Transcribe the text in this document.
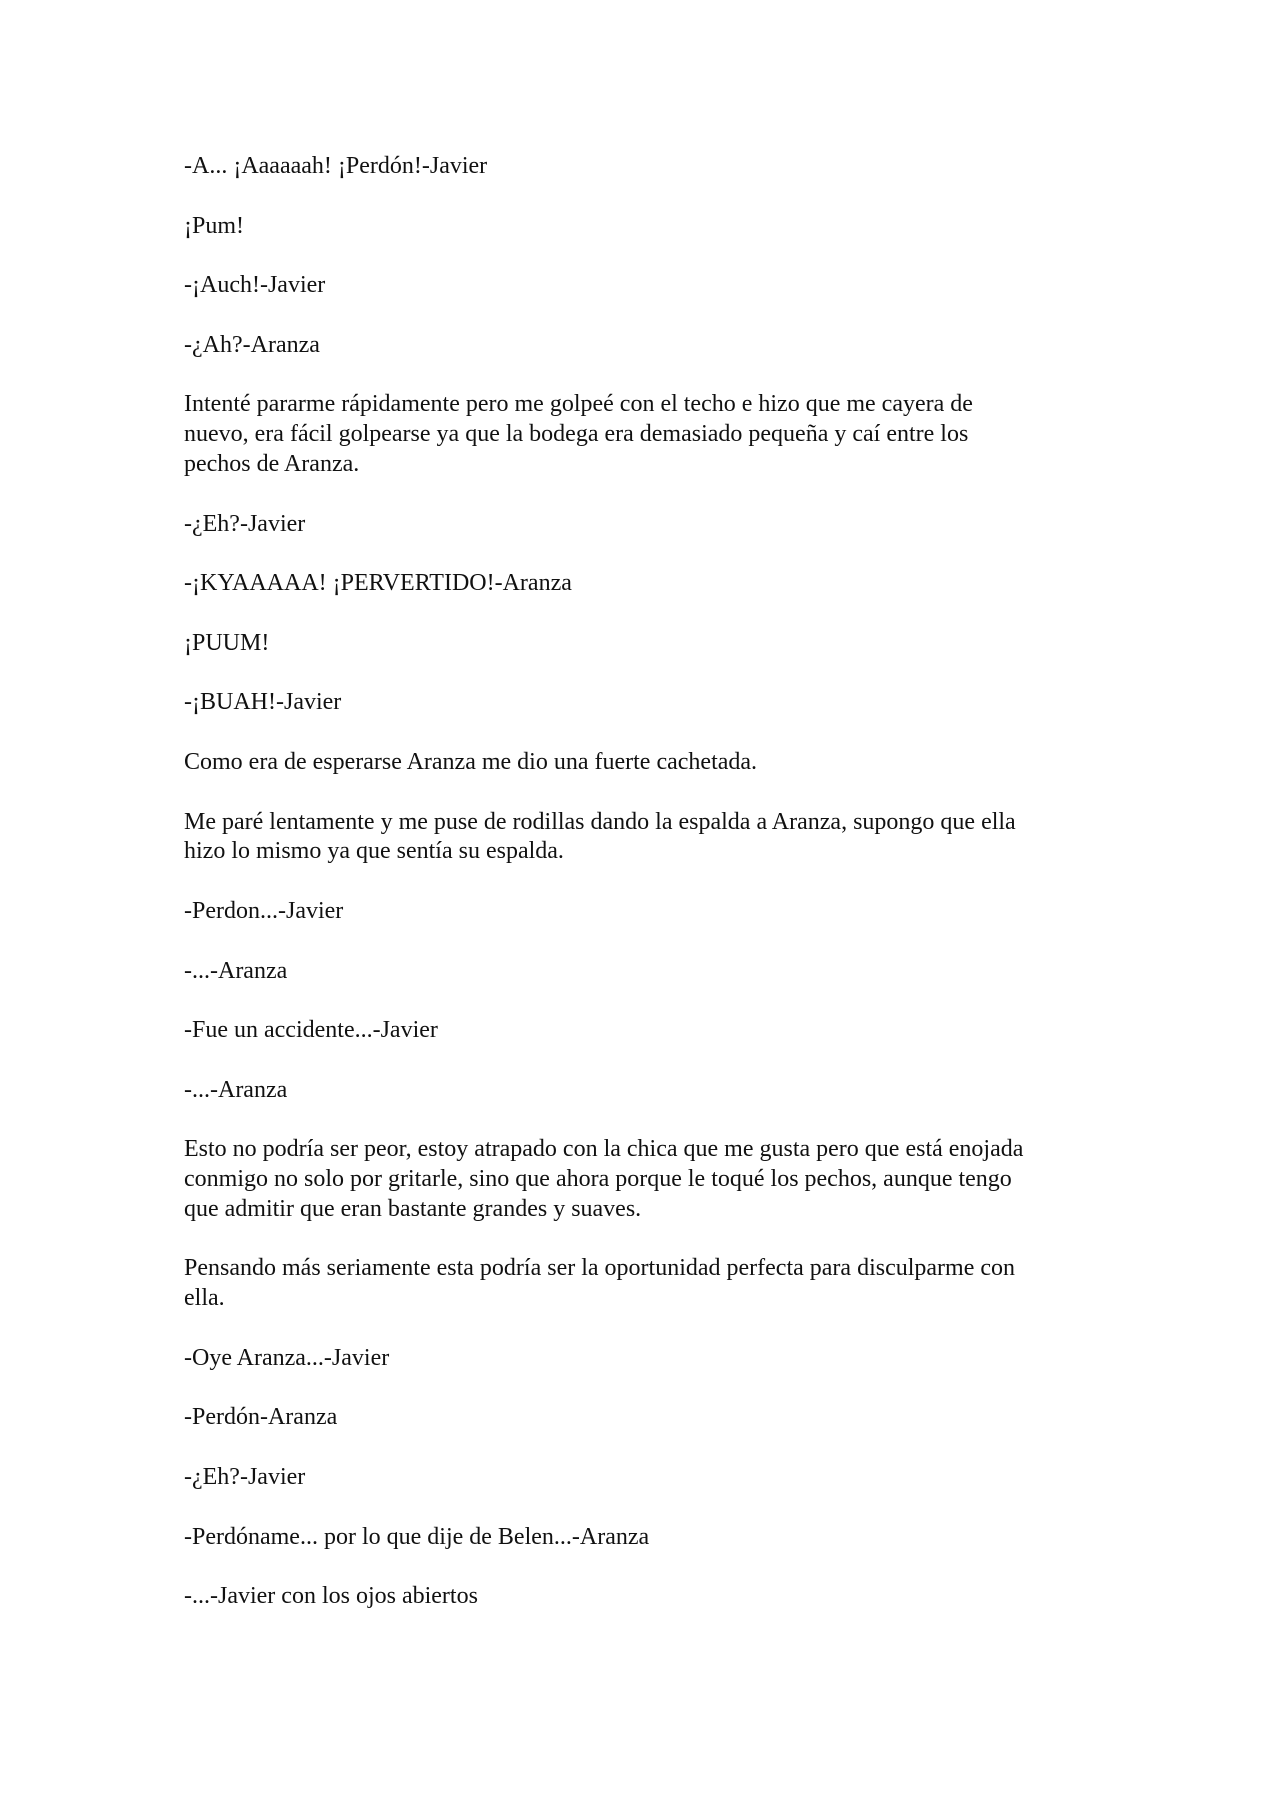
-A... ¡Aaaaaah! ¡Perdón!-Javier

¡Pum!

-¡Auch!-Javier

-¿Ah?-Aranza

Intenté pararme rápidamente pero me golpeé con el techo e hizo que me cayera de
nuevo, era fácil golpearse ya que la bodega era demasiado pequeña y caí entre los
pechos de Aranza.

-¿Eh?-Javier

-¡KYAAAAA! ¡PERVERTIDO!-Aranza

¡PUUM!

-¡BUAH!-Javier

Como era de esperarse Aranza me dio una fuerte cachetada.

Me paré lentamente y me puse de rodillas dando la espalda a Aranza, supongo que ella
hizo lo mismo ya que sentía su espalda.

-Perdon...-Javier

-...-Aranza

-Fue un accidente...-Javier

-...-Aranza

Esto no podría ser peor, estoy atrapado con la chica que me gusta pero que está enojada
conmigo no solo por gritarle, sino que ahora porque le toqué los pechos, aunque tengo
que admitir que eran bastante grandes y suaves.

Pensando más seriamente esta podría ser la oportunidad perfecta para disculparme con
ella.

-Oye Aranza...-Javier

-Perdón-Aranza

-¿Eh?-Javier

-Perdóname... por lo que dije de Belen...-Aranza

-...-Javier con los ojos abiertos
